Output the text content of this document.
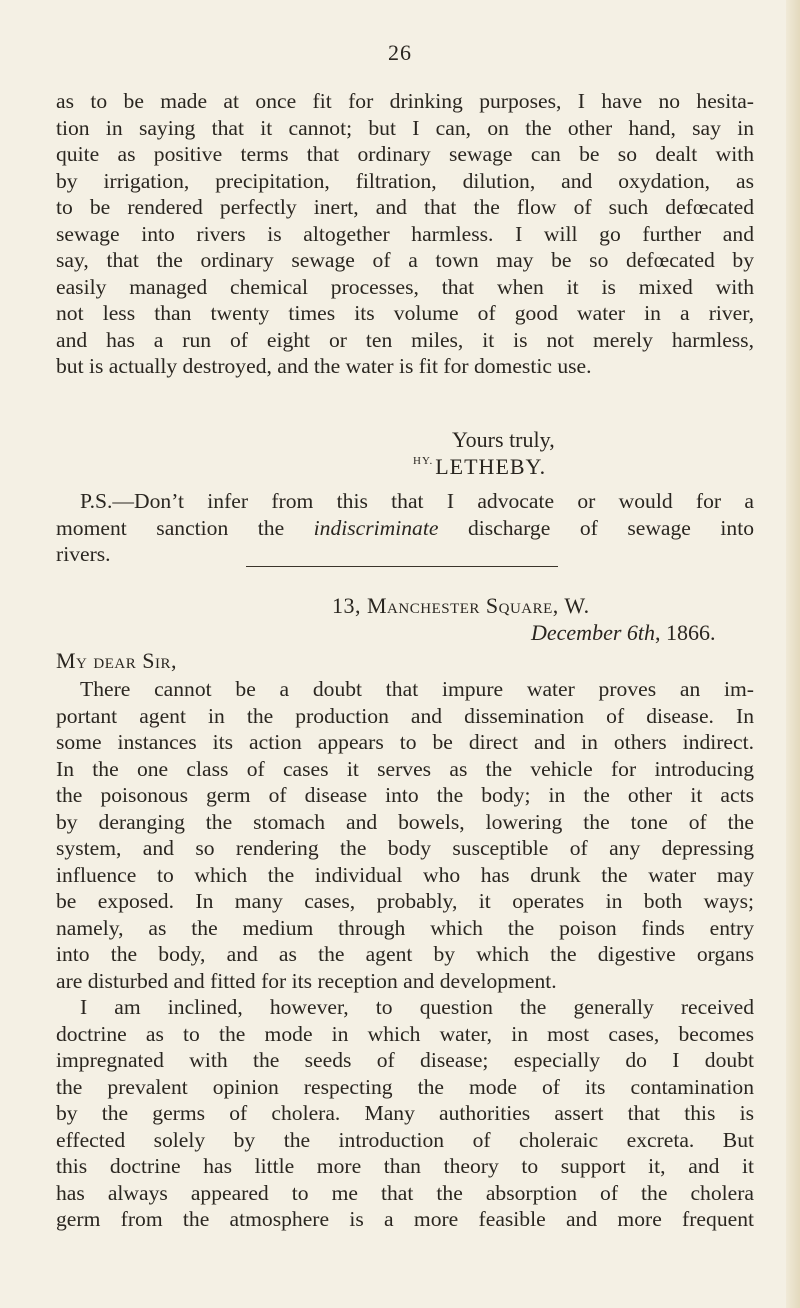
26

as to be made at once fit for drinking purposes, I have no hesita-

tion in saying that it cannot; but I can, on the other hand, say in

quite as positive terms that ordinary sewage can be so dealt with

by irrigation, precipitation, filtration, dilution, and oxydation, as

to be rendered perfectly inert, and that the flow of such defœcated

sewage into rivers is altogether harmless. I will go further and

say, that the ordinary sewage of a town may be so defœcated by

easily managed chemical processes, that when it is mixed with

not less than twenty times its volume of good water in a river,

and has a run of eight or ten miles, it is not merely harmless,

but is actually destroyed, and the water is fit for domestic use.

Yours truly,
$^{HY.}$LETHEBY.

P.S.—Don’t infer from this that I advocate or would for a

moment sanction the indiscriminate discharge of sewage into

rivers.

13, Manchester Square, W.
December 6th, 1866.
My dear Sir,

There cannot be a doubt that impure water proves an im-

portant agent in the production and dissemination of disease. In

some instances its action appears to be direct and in others indirect.

In the one class of cases it serves as the vehicle for introducing

the poisonous germ of disease into the body; in the other it acts

by deranging the stomach and bowels, lowering the tone of the

system, and so rendering the body susceptible of any depressing

influence to which the individual who has drunk the water may

be exposed. In many cases, probably, it operates in both ways;

namely, as the medium through which the poison finds entry

into the body, and as the agent by which the digestive organs

are disturbed and fitted for its reception and development.

I am inclined, however, to question the generally received

doctrine as to the mode in which water, in most cases, becomes

impregnated with the seeds of disease; especially do I doubt

the prevalent opinion respecting the mode of its contamination

by the germs of cholera. Many authorities assert that this is

effected solely by the introduction of choleraic excreta. But

this doctrine has little more than theory to support it, and it

has always appeared to me that the absorption of the cholera

germ from the atmosphere is a more feasible and more frequent
